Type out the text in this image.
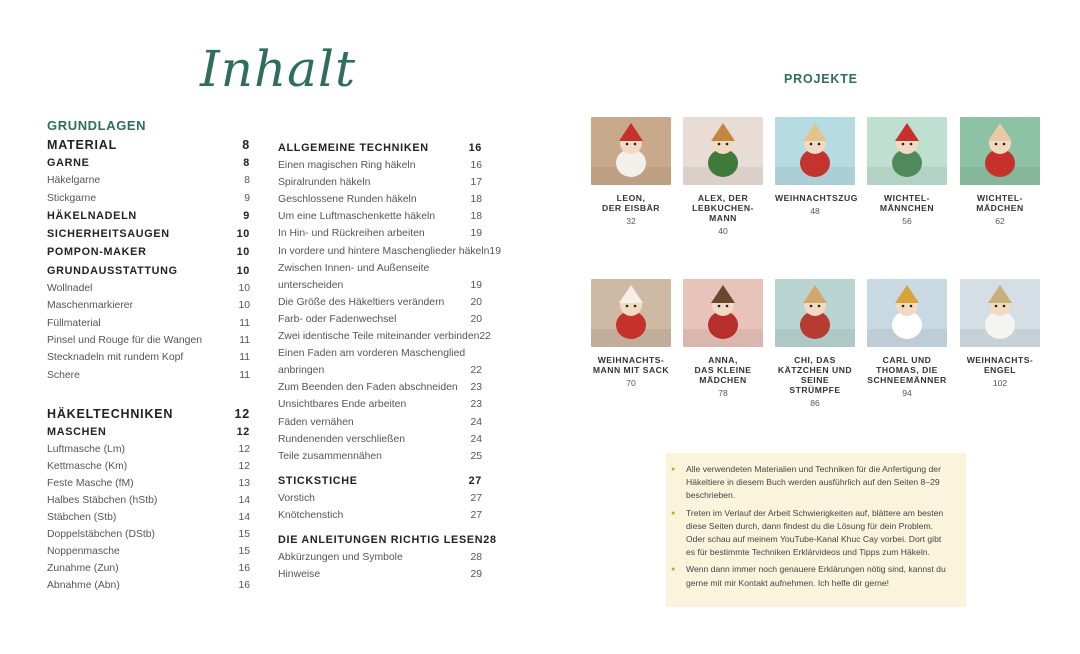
Inhalt
GRUNDLAGEN
MATERIAL	8
GARNE	8
Häkelgarne	8
Stickgarne	9
HÄKELNADELN	9
SICHERHEITSAUGEN	10
POMPON-MAKER	10
GRUNDAUSSTATTUNG	10
Wollnadel	10
Maschenmarkierer	10
Füllmaterial	11
Pinsel und Rouge für die Wangen	11
Stecknadeln mit rundem Kopf	11
Schere	11
HÄKELTECHNIKEN	12
MASCHEN	12
Luftmasche (Lm)	12
Kettmasche (Km)	12
Feste Masche (fM)	13
Halbes Stäbchen (hStb)	14
Stäbchen (Stb)	14
Doppelstäbchen (DStb)	15
Noppenmasche	15
Zunahme (Zun)	16
Abnahme (Abn)	16
ALLGEMEINE TECHNIKEN	16
Einen magischen Ring häkeln	16
Spiralrunden häkeln	17
Geschlossene Runden häkeln	18
Um eine Luftmaschenkette häkeln	18
In Hin- und Rückreihen arbeiten	19
In vordere und hintere Maschenglieder häkeln 19
Zwischen Innen- und Außenseite
unterscheiden	19
Die Größe des Häkeltiers verändern	20
Farb- oder Fadenwechsel	20
Zwei identische Teile miteinander verbinden 22
Einen Faden am vorderen Maschenglied
anbringen	22
Zum Beenden den Faden abschneiden 23
Unsichtbares Ende arbeiten	23
Fäden vernähen	24
Rundenenden verschließen	24
Teile zusammennähen	25
STICKSTICHE	27
Vorstich	27
Knötchenstich	27
DIE ANLEITUNGEN RICHTIG LESEN 28
Abkürzungen und Symbole	28
Hinweise	29
PROJEKTE
LEON,
DER EISBÄR
32
ALEX, DER
LEBKUCHEN-
MANN
40
WEIHNACHTSZUG
48
WICHTEL-
MÄNNCHEN
56
WICHTEL-
MÄDCHEN
62
WEIHNACHTS-
MANN MIT SACK
70
ANNA,
DAS KLEINE
MÄDCHEN
78
CHI, DAS
KÄTZCHEN UND
SEINE STRÜMPFE
86
CARL UND
THOMAS, DIE
SCHNEEMÄNNER
94
WEIHNACHTS-
ENGEL
102
● Alle verwendeten Materialien und Techniken für die Anfertigung der Häkeltiere in diesem Buch werden ausführlich auf den Seiten 8–29 beschrieben.
● Treten im Verlauf der Arbeit Schwierigkeiten auf, blättere am besten diese Seiten durch, dann findest du die Lösung für dein Problem. Oder schau auf meinem YouTube-Kanal Khuc Cay vorbei. Dort gibt es für bestimmte Techniken Erklärvideos und Tipps zum Häkeln.
● Wenn dann immer noch genauere Erklärungen nötig sind, kannst du gerne mit mir Kontakt aufnehmen. Ich helfe dir gerne!
